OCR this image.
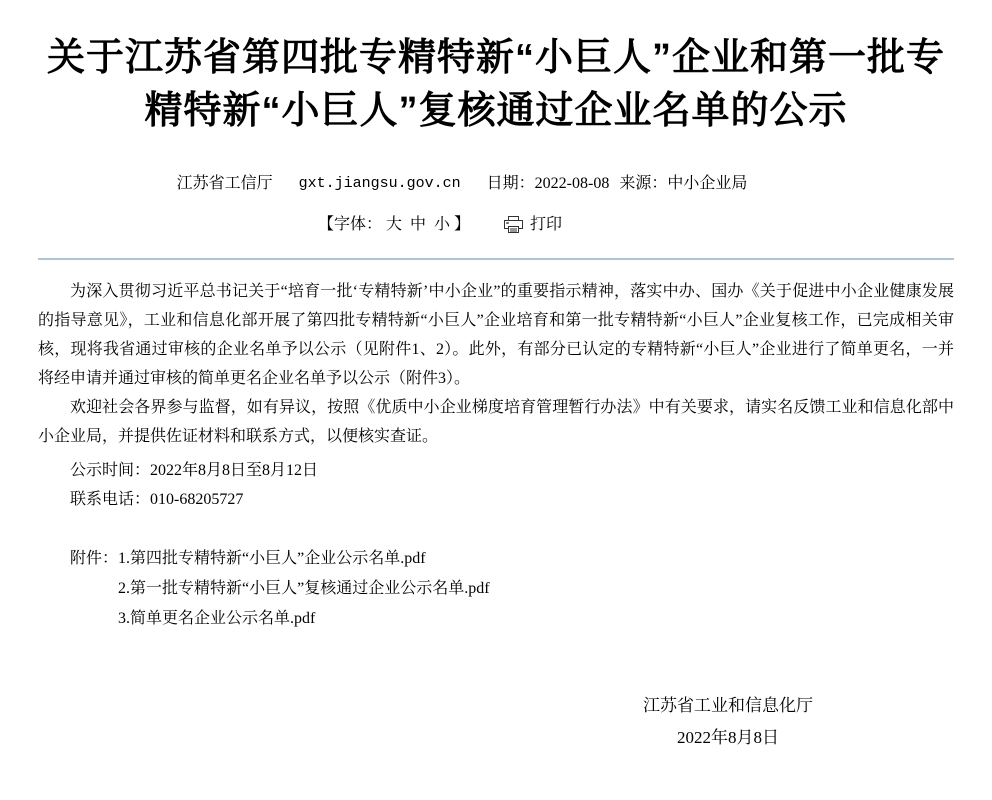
关于江苏省第四批专精特新“小巨人”企业和第一批专
精特新“小巨人”复核通过企业名单的公示
江苏省工信厅 gxt.jiangsu.gov.cn 日期：2022-08-08 来源：中小企业局
【字体： 大 中 小 】	打印

为深入贯彻习近平总书记关于“培育一批‘专精特新’中小企业”的重要指示精神，落实中办、国办《关于促进中小企业健康发展的指导意见》，工业和信息化部开展了第四批专精特新“小巨人”企业培育和第一批专精特新“小巨人”企业复核工作，已完成相关审核，现将我省通过审核的企业名单予以公示（见附件1、2）。此外，有部分已认定的专精特新“小巨人”企业进行了简单更名，一并将经申请并通过审核的简单更名企业名单予以公示（附件3）。

欢迎社会各界参与监督，如有异议，按照《优质中小企业梯度培育管理暂行办法》中有关要求，请实名反馈工业和信息化部中小企业局，并提供佐证材料和联系方式，以便核实查证。

公示时间：2022年8月8日至8月12日

联系电话：010-68205727

附件： 1.第四批专精特新“小巨人”企业公示名单.pdf
2.第一批专精特新“小巨人”复核通过企业公示名单.pdf
3.简单更名企业公示名单.pdf
江苏省工业和信息化厅
2022年8月8日
